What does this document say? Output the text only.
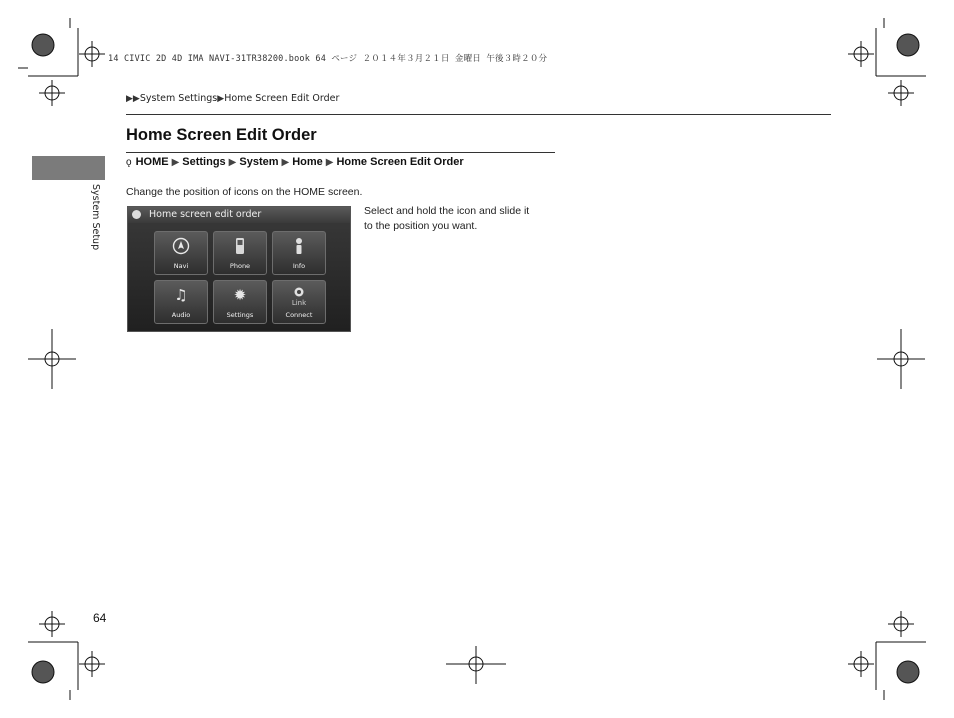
14 CIVIC 2D 4D IMA NAVI-31TR38200.book 64 ページ ２０１４年３月２１日 金曜日 午後３時２０分
▶▶System Settings▶Home Screen Edit Order
Home Screen Edit Order
ǫ HOME ▶ Settings ▶ System ▶ Home ▶ Home Screen Edit Order
System Setup Change the position of icons on the HOME screen.
Home screen edit order
Navi	Phone	Info
♫
Audio
✹
Settings
Link
Connect
Select and hold the icon and slide it
to the position you want.
64
